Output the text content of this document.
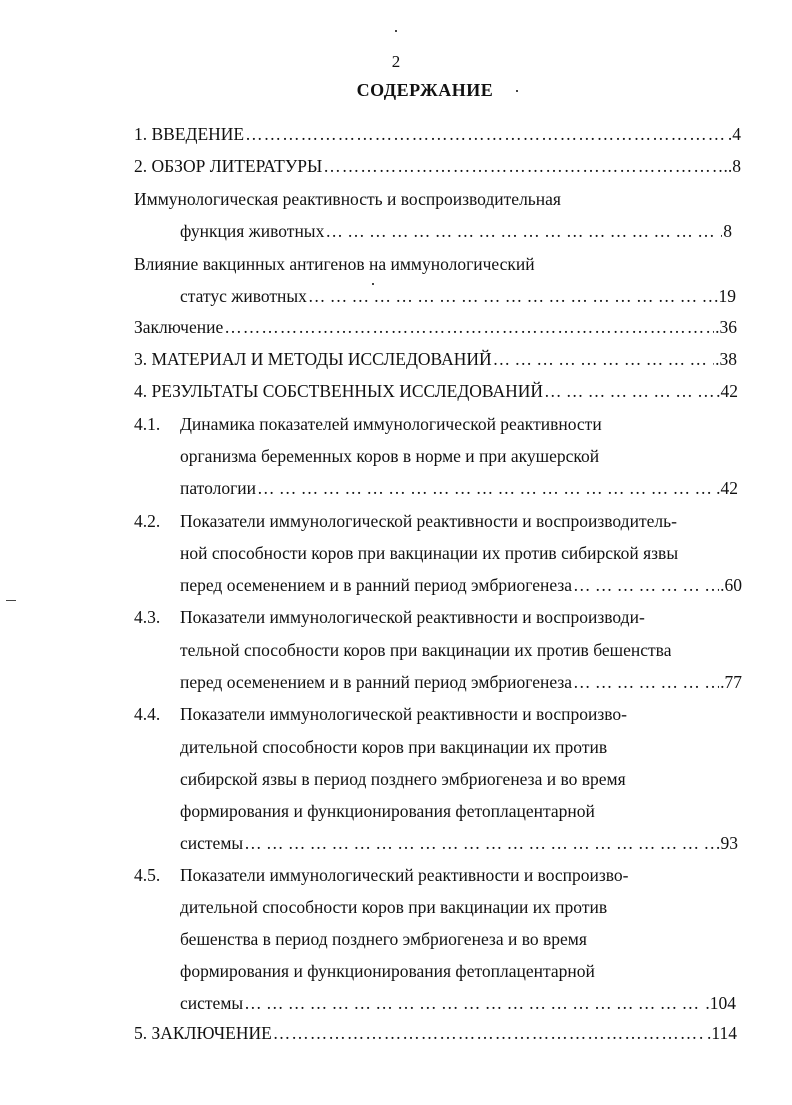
2
СОДЕРЖАНИЕ
1. ВВЕДЕНИЕ …………………………………………………………………………………………………………………………………………………………………………………………………………………	.4
2. ОБЗОР ЛИТЕРАТУРЫ …………………………………………………………………………………………………………………………………………………………………………………………………………………	..8
Иммунологическая реактивность и воспроизводительная
функция животных … … … … … … … … … … … … … … … … … … … … … … … … … … … … … … … … … … … … … … … … … … … … … … … … … … … … … … … … … … … … … … … … … … …	8
Влияние вакцинных антигенов на иммунологический
статус животных … … … … … … … … … … … … … … … … … … … … … … … … … … … … … … … … … … … … … … … … … … … … … … … … … … … … … … … … … … … … … … … … … … …	19
Заключение …………………………………………………………………………………………………………………………………………………………………………………………………………………	.36
3. МАТЕРИАЛ И МЕТОДЫ ИССЛЕДОВАНИЙ … … … … … … … … … … … … … … … … … … … … … … … … … … … … … … … … … … … … … … … … … … … … … … … … … … … … … … … … … … … … … … … … … … …	.38
4. РЕЗУЛЬТАТЫ СОБСТВЕННЫХ ИССЛЕДОВАНИЙ … … … … … … … … … … … … … … … … … … … … … … … … … … … … … … … … … … … … … … … … … … … … … … … … … … … … … … … … … … … … … … … … … … …	.42
4.1. Динамика показателей иммунологической реактивности
организма беременных коров в норме и при акушерской
патологии … … … … … … … … … … … … … … … … … … … … … … … … … … … … … … … … … … … … … … … … … … … … … … … … … … … … … … … … … … … … … … … … … … …	.42
4.2. Показатели иммунологической реактивности и воспроизводитель-
ной способности коров при вакцинации их против сибирской язвы
перед осеменением и в ранний период эмбриогенеза … … … … … … … … … … … … … … … … … … … … … … … … … … … … … … … … … … … … … … … … … … … … … … … … … … … … … … … … … … … … … … … … … … …	.60
4.3. Показатели иммунологической реактивности и воспроизводи-
тельной способности коров при вакцинации их против бешенства
перед осеменением и в ранний период эмбриогенеза … … … … … … … … … … … … … … … … … … … … … … … … … … … … … … … … … … … … … … … … … … … … … … … … … … … … … … … … … … … … … … … … … … …	.77
4.4. Показатели иммунологической реактивности и воспроизво-
дительной способности коров при вакцинации их против
сибирской язвы в период позднего эмбриогенеза и во время
формирования и функционирования фетоплацентарной
системы … … … … … … … … … … … … … … … … … … … … … … … … … … … … … … … … … … … … … … … … … … … … … … … … … … … … … … … … … … … … … … … … … … …	93
4.5. Показатели иммунологический реактивности и воспроизво-
дительной способности коров при вакцинации их против
бешенства в период позднего эмбриогенеза и во время
формирования и функционирования фетоплацентарной
системы … … … … … … … … … … … … … … … … … … … … … … … … … … … … … … … … … … … … … … … … … … … … … … … … … … … … … … … … … … … … … … … … … … …	.104
5. ЗАКЛЮЧЕНИЕ …………………………………………………………………………………………………………………………………………………………………………………………………………………	.114
